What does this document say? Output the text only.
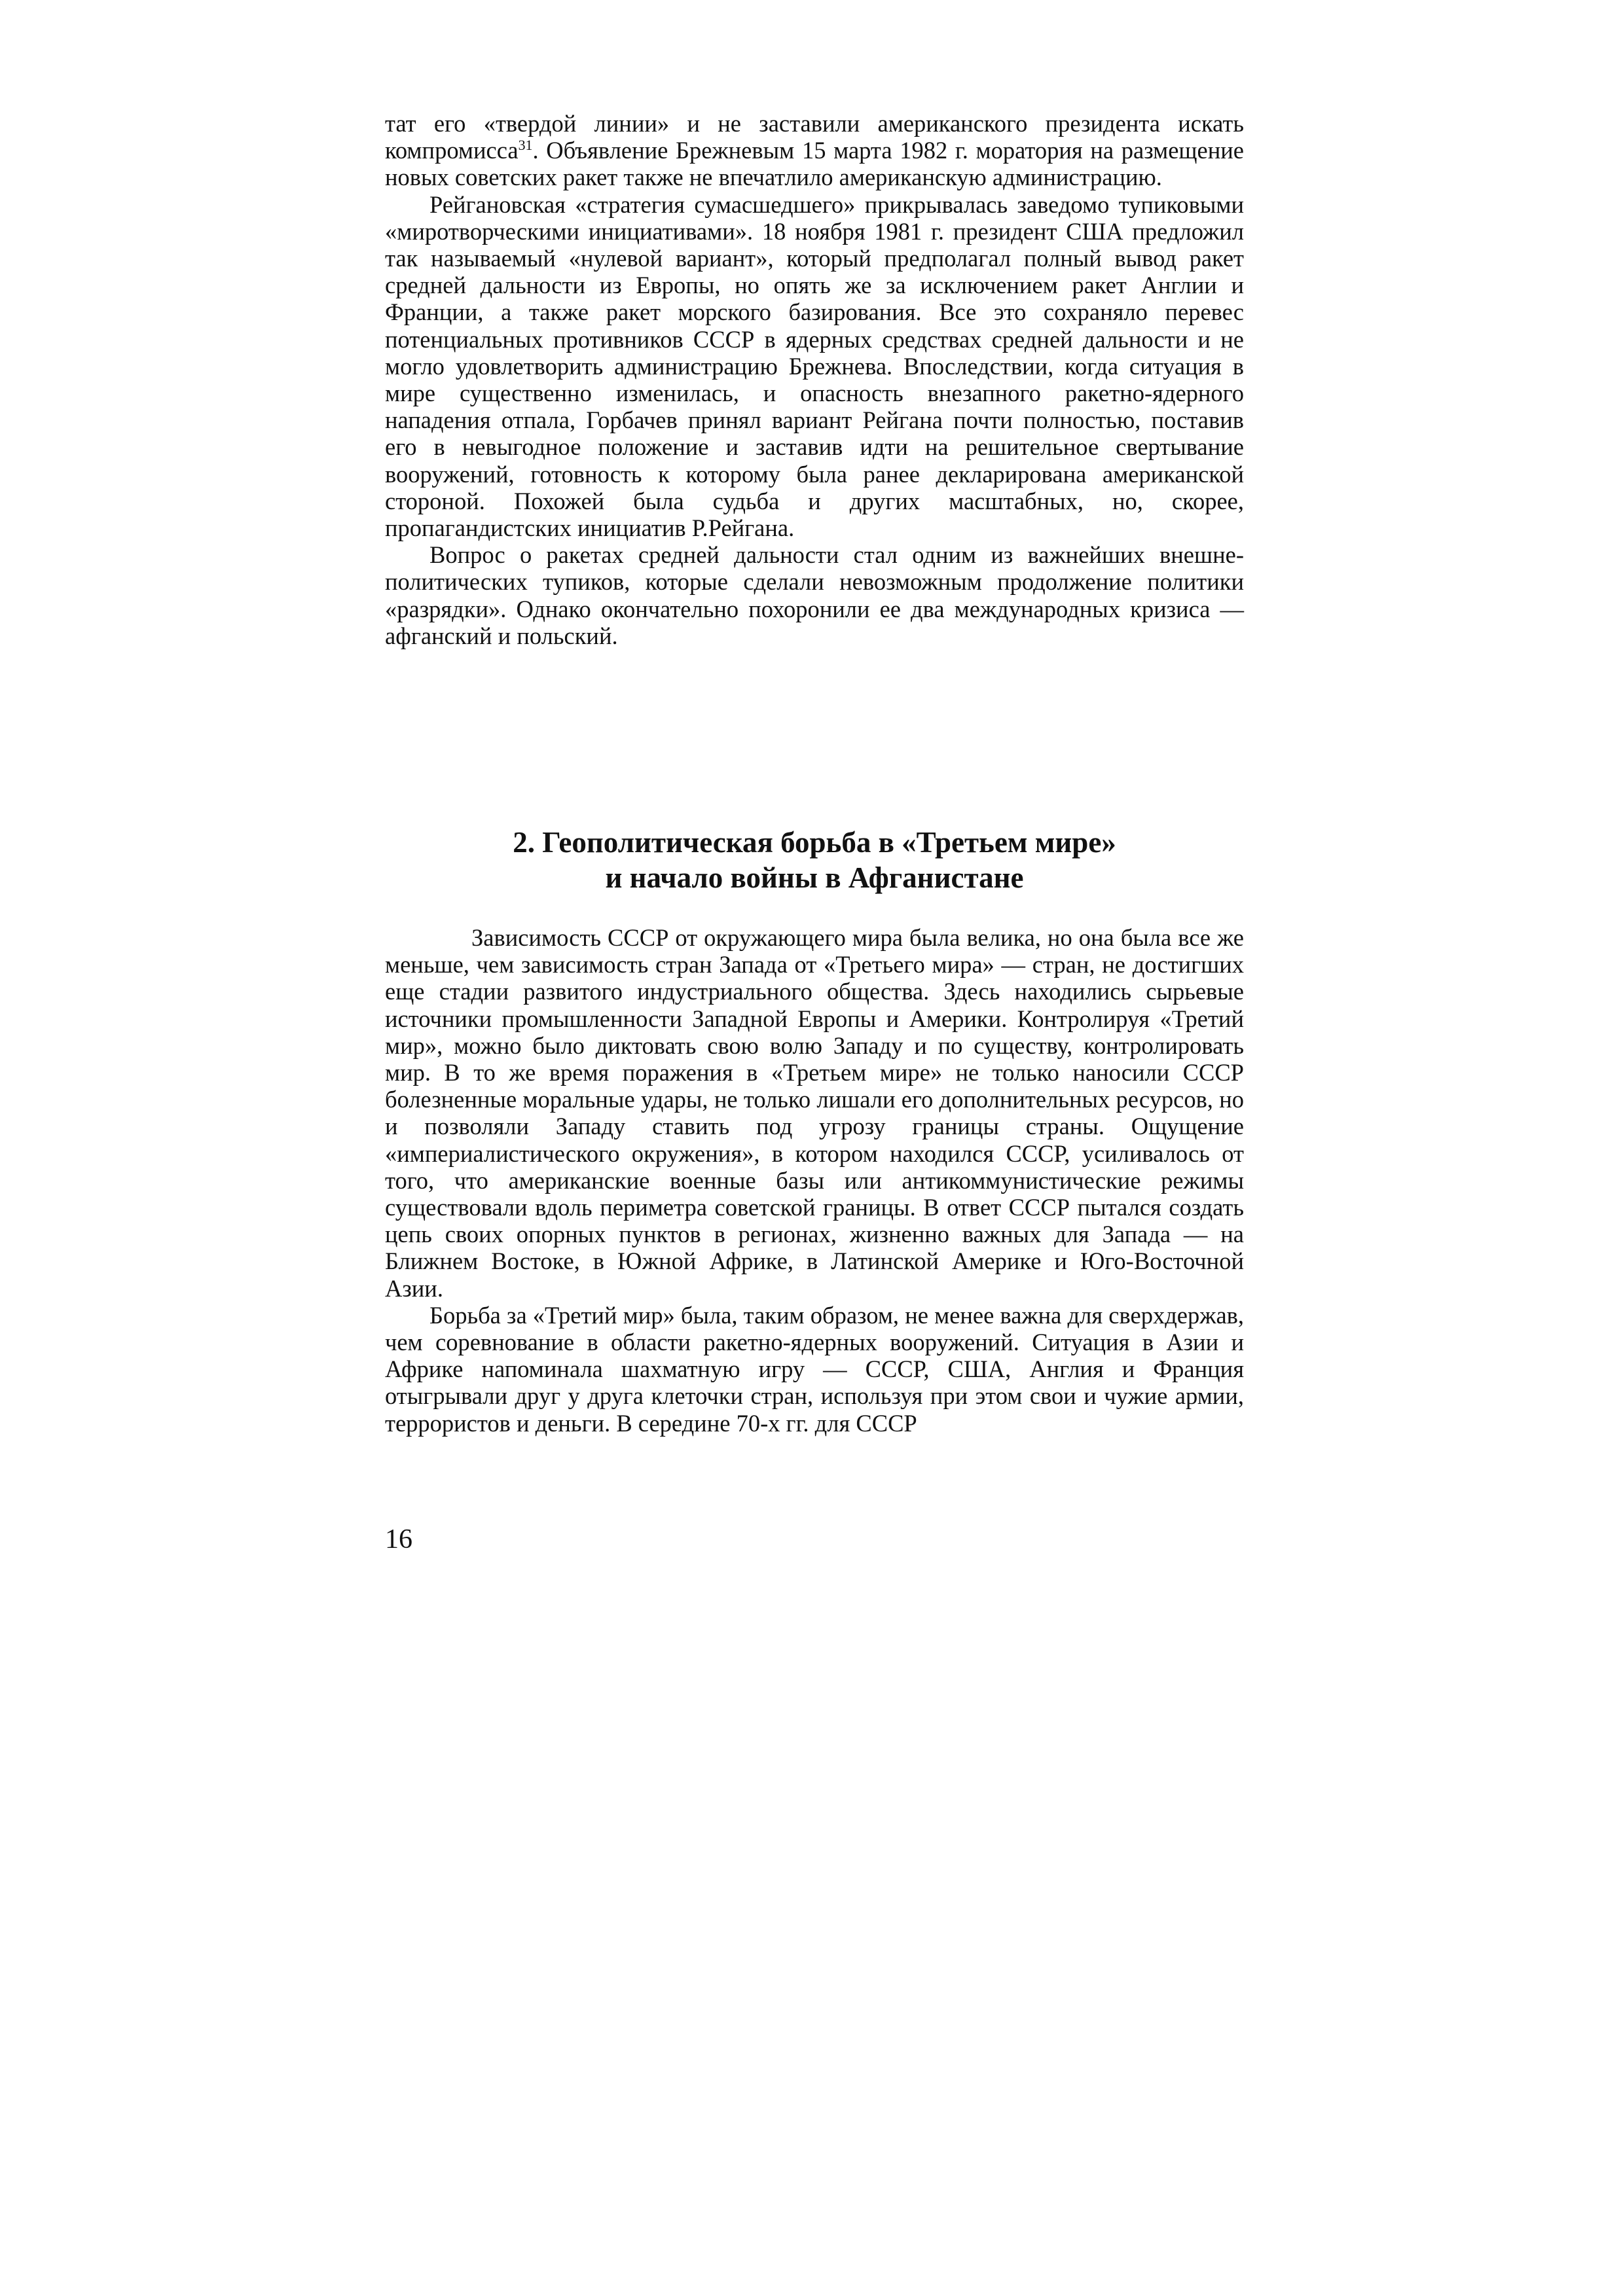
тат его «твердой линии» и не заставили американского президента искать компромисса$^{31}$. Объявление Брежневым 15 марта 1982 г. моратория на размещение новых советских ракет также не впечатлило американскую администрацию.

Рейгановская «стратегия сумасшедшего» прикрывалась заведомо тупиковыми «миротворческими инициативами». 18 ноября 1981 г. президент США предложил так называемый «нулевой вариант», который предполагал полный вывод ракет средней дальности из Европы, но опять же за исключением ракет Англии и Франции, а также ракет морского базирования. Все это сохраняло перевес потенциальных противников СССР в ядерных средствах средней дальности и не могло удовлетворить администрацию Брежнева. Впоследствии, когда ситуация в мире существенно изменилась, и опасность внезапного ракетно-ядерного нападения отпала, Горбачев принял вариант Рейгана почти полностью, поставив его в невыгодное положение и заставив идти на решительное свертывание вооружений, готовность к которому была ранее декларирована американской стороной. Похожей была судьба и других масштабных, но, скорее, пропагандистских инициатив Р.Рейгана.

Вопрос о ракетах средней дальности стал одним из важнейших внешнеполитических тупиков, которые сделали невозможным продолжение политики «разрядки». Однако окончательно похоронили ее два международных кризиса — афганский и польский.

2. Геополитическая борьба в «Третьем мире»
и начало войны в Афганистане

Зависимость СССР от окружающего мира была велика, но она была все же меньше, чем зависимость стран Запада от «Третьего мира» — стран, не достигших еще стадии развитого индустриального общества. Здесь находились сырьевые источники промышленности Западной Европы и Америки. Контролируя «Третий мир», можно было диктовать свою волю Западу и по существу, контролировать мир. В то же время поражения в «Третьем мире» не только наносили СССР болезненные моральные удары, не только лишали его дополнительных ресурсов, но и позволяли Западу ставить под угрозу границы страны. Ощущение «империалистического окружения», в котором находился СССР, усиливалось от того, что американские военные базы или антикоммунистические режимы существовали вдоль периметра советской границы. В ответ СССР пытался создать цепь своих опорных пунктов в регионах, жизненно важных для Запада — на Ближнем Востоке, в Южной Африке, в Латинской Америке и Юго-Восточной Азии.

Борьба за «Третий мир» была, таким образом, не менее важна для сверхдержав, чем соревнование в области ракетно-ядерных вооружений. Ситуация в Азии и Африке напоминала шахматную игру — СССР, США, Англия и Франция отыгрывали друг у друга клеточки стран, используя при этом свои и чужие армии, террористов и деньги. В середине 70-х гг. для СССР

16
